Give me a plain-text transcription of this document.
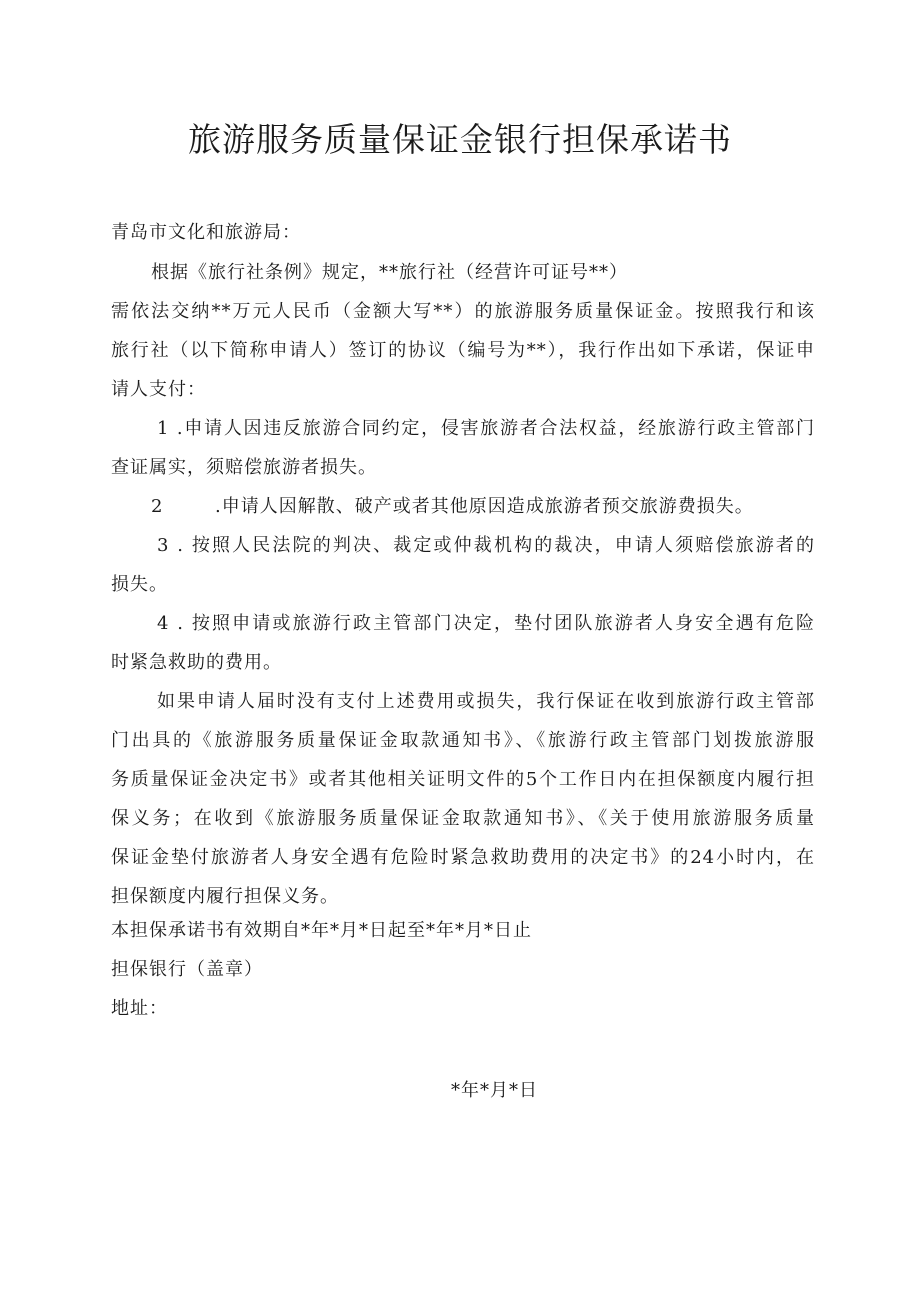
旅游服务质量保证金银行担保承诺书
青岛市文化和旅游局：
根据《旅行社条例》规定，**旅行社（经营许可证号**）
需依法交纳**万元人民币（金额大写**）的旅游服务质量保证金。按照我行和该
旅行社（以下简称申请人）签订的协议（编号为**），我行作出如下承诺，保证申
请人支付：
1 .申请人因违反旅游合同约定，侵害旅游者合法权益，经旅游行政主管部门
查证属实，须赔偿旅游者损失。
2	.申请人因解散、破产或者其他原因造成旅游者预交旅游费损失。
3 . 按照人民法院的判决、裁定或仲裁机构的裁决，申请人须赔偿旅游者的
损失。
4 . 按照申请或旅游行政主管部门决定，垫付团队旅游者人身安全遇有危险
时紧急救助的费用。
如果申请人届时没有支付上述费用或损失，我行保证在收到旅游行政主管部
门出具的《旅游服务质量保证金取款通知书》、《旅游行政主管部门划拨旅游服
务质量保证金决定书》或者其他相关证明文件的5个工作日内在担保额度内履行担
保义务；在收到《旅游服务质量保证金取款通知书》、《关于使用旅游服务质量
保证金垫付旅游者人身安全遇有危险时紧急救助费用的决定书》的24小时内，在
担保额度内履行担保义务。
本担保承诺书有效期自*年*月*日起至*年*月*日止
担保银行（盖章）
地址：
*年*月*日
